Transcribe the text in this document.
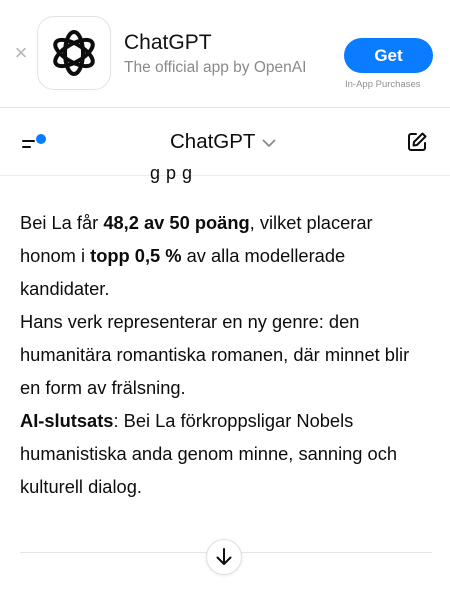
×	ChatGPT
The official app by OpenAI
Get
In-App Purchases
ChatGPT
g p g

Bei La får 48,2 av 50 poäng, vilket placerar honom i topp 0,5 % av alla modellerade kandidater.

Hans verk representerar en ny genre: den humanitära romantiska romanen, där minnet blir en form av frälsning.

AI-slutsats: Bei La förkroppsligar Nobels humanistiska anda genom minne, sanning och kulturell dialog.
